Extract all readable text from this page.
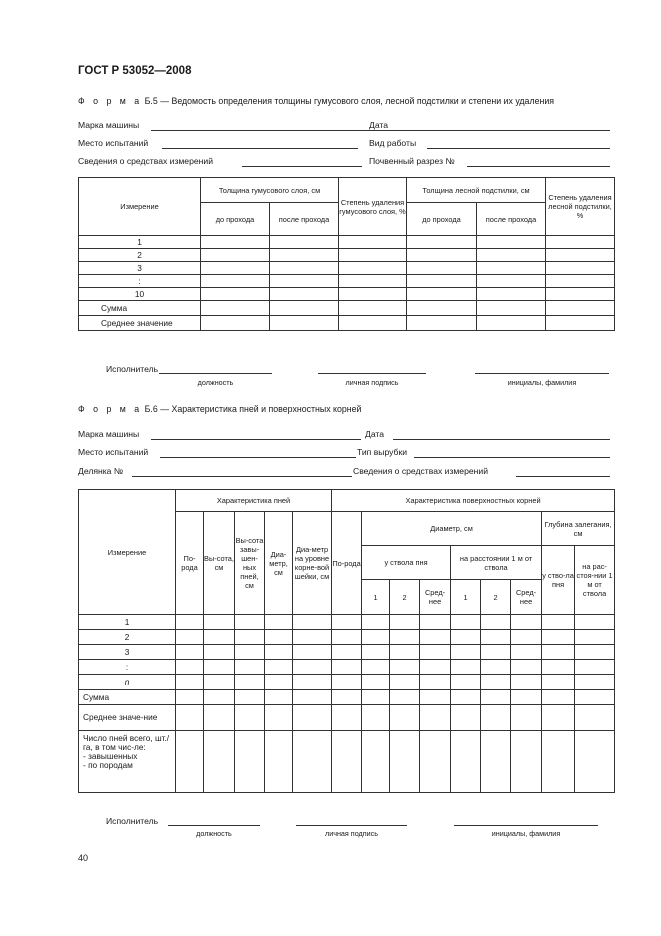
ГОСТ Р 53052—2008
Ф о р м а Б.5 — Ведомость определения толщины гумусового слоя, лесной подстилки и степени их удаления
Марка машины	Дата
Место испытаний	Вид работы
Сведения о средствах измерений	Почвенный разрез №
Измерение	Толщина гумусового слоя, см		Степень удаления гумусового слоя, %	Толщина лесной подстилки, см		Степень удаления лесной подстилки, %
	до прохода	после прохода		до прохода	после прохода	
1						
2						
3						
:						
10						
Сумма						
Среднее значение						
Исполнитель
должность	личная подпись	инициалы, фамилия
Ф о р м а Б.6 — Характеристика пней и поверхностных корней
Марка машины	Дата
Место испытаний	Тип вырубки
Делянка №	Сведения о средствах измерений
Измерение	Характеристика пней					Характеристика поверхностных корней								
	По-рода	Вы-сота, см	Вы-сота завы-шен-ных пней, см	Диа-метр, см	Диа-метр на уровне корне-вой шейки, см	По-рода	Диаметр, см						Глубина залегания, см	
							у ствола пня			на расстоянии 1 м от ствола			у ство-ла пня	на рас-стоя-нии 1 м от ствола
							1	2	Сред-нее	1	2	Сред-нее		
1														
2														
3														
:														
n														
Сумма														
Среднее значе-ние														

Число пней всего, шт./га, в том чис-ле:
- завышенных
- по породам														

Исполнитель
должность	личная подпись	инициалы, фамилия
40
